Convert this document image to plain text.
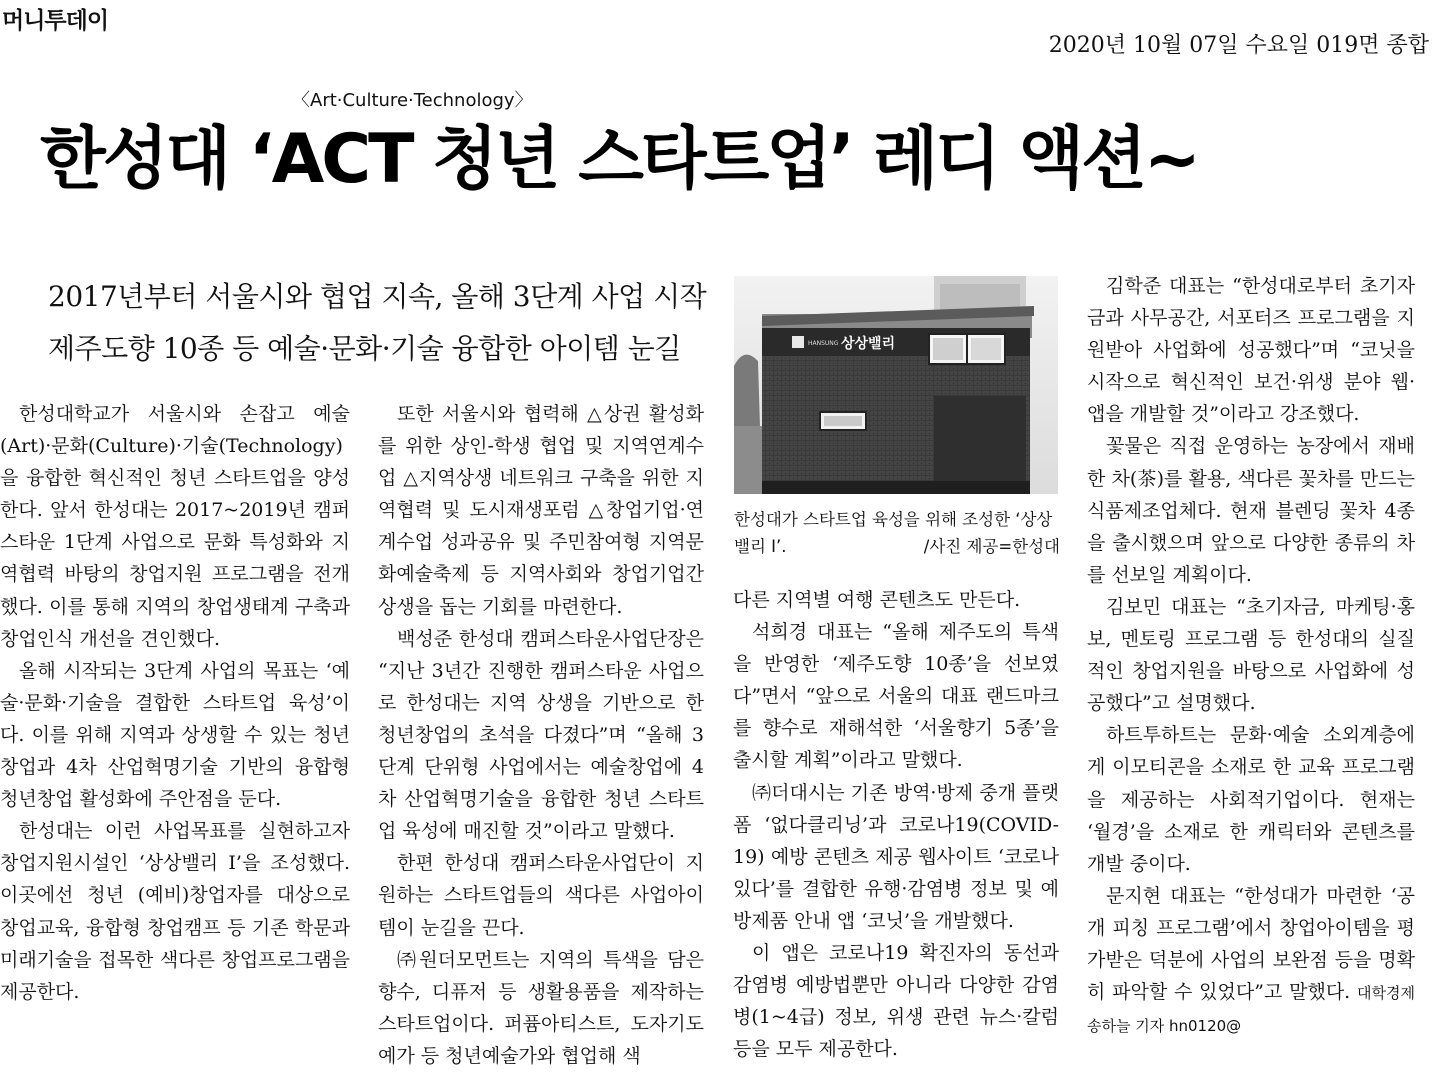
머니투데이
2020년 10월 07일 수요일 019면 종합
〈Art·Culture·Technology〉
한성대 ‘ACT 청년 스타트업’ 레디 액션~
2017년부터 서울시와 협업 지속, 올해 3단계 사업 시작
제주도향 10종 등 예술·문화·기술 융합한 아이템 눈길

한성대학교가 서울시와 손잡고 예술(Art)·문화(Culture)·기술(Technology)을 융합한 혁신적인 청년 스타트업을 양성한다. 앞서 한성대는 2017~2019년 캠퍼스타운 1단계 사업으로 문화 특성화와 지역협력 바탕의 창업지원 프로그램을 전개했다. 이를 통해 지역의 창업생태계 구축과 창업인식 개선을 견인했다.

올해 시작되는 3단계 사업의 목표는 ‘예술·문화·기술을 결합한 스타트업 육성’이다. 이를 위해 지역과 상생할 수 있는 청년창업과 4차 산업혁명기술 기반의 융합형 청년창업 활성화에 주안점을 둔다.

한성대는 이런 사업목표를 실현하고자 창업지원시설인 ‘상상밸리 I’을 조성했다. 이곳에선 청년 (예비)창업자를 대상으로 창업교육, 융합형 창업캠프 등 기존 학문과 미래기술을 접목한 색다른 창업프로그램을 제공한다.

또한 서울시와 협력해 △상권 활성화를 위한 상인-학생 협업 및 지역연계수업 △지역상생 네트워크 구축을 위한 지역협력 및 도시재생포럼 △창업기업·연계수업 성과공유 및 주민참여형 지역문화예술축제 등 지역사회와 창업기업간 상생을 돕는 기회를 마련한다.

백성준 한성대 캠퍼스타운사업단장은 “지난 3년간 진행한 캠퍼스타운 사업으로 한성대는 지역 상생을 기반으로 한 청년창업의 초석을 다졌다”며 “올해 3단계 단위형 사업에서는 예술창업에 4차 산업혁명기술을 융합한 청년 스타트업 육성에 매진할 것”이라고 말했다.

한편 한성대 캠퍼스타운사업단이 지원하는 스타트업들의 색다른 사업아이템이 눈길을 끈다.

㈜원더모먼트는 지역의 특색을 담은 향수, 디퓨저 등 생활용품을 제작하는 스타트업이다. 퍼퓸아티스트, 도자기도예가 등 청년예술가와 협업해 색

HANSUNG 상상밸리
한성대가 스타트업 육성을 위해 조성한 ‘상상밸리 I’.	/사진 제공=한성대

다른 지역별 여행 콘텐츠도 만든다.

석희경 대표는 “올해 제주도의 특색을 반영한 ‘제주도향 10종’을 선보였다”면서 “앞으로 서울의 대표 랜드마크를 향수로 재해석한 ‘서울향기 5종’을 출시할 계획”이라고 말했다.

㈜더대시는 기존 방역·방제 중개 플랫폼 ‘없다클리닝’과 코로나19(COVID-19) 예방 콘텐츠 제공 웹사이트 ‘코로나있다’를 결합한 유행·감염병 정보 및 예방제품 안내 앱 ‘코닛’을 개발했다.

이 앱은 코로나19 확진자의 동선과 감염병 예방법뿐만 아니라 다양한 감염병(1~4급) 정보, 위생 관련 뉴스·칼럼 등을 모두 제공한다.

김학준 대표는 “한성대로부터 초기자금과 사무공간, 서포터즈 프로그램을 지원받아 사업화에 성공했다”며 “코닛을 시작으로 혁신적인 보건·위생 분야 웹·앱을 개발할 것”이라고 강조했다.

꽃물은 직접 운영하는 농장에서 재배한 차(茶)를 활용, 색다른 꽃차를 만드는 식품제조업체다. 현재 블렌딩 꽃차 4종을 출시했으며 앞으로 다양한 종류의 차를 선보일 계획이다.

김보민 대표는 “초기자금, 마케팅·홍보, 멘토링 프로그램 등 한성대의 실질적인 창업지원을 바탕으로 사업화에 성공했다”고 설명했다.

하트투하트는 문화·예술 소외계층에게 이모티콘을 소재로 한 교육 프로그램을 제공하는 사회적기업이다. 현재는 ‘월경’을 소재로 한 캐릭터와 콘텐츠를 개발 중이다.

문지현 대표는 “한성대가 마련한 ‘공개 피칭 프로그램’에서 창업아이템을 평가받은 덕분에 사업의 보완점 등을 명확히 파악할 수 있었다”고 말했다. 대학경제 송하늘 기자 hn0120@
